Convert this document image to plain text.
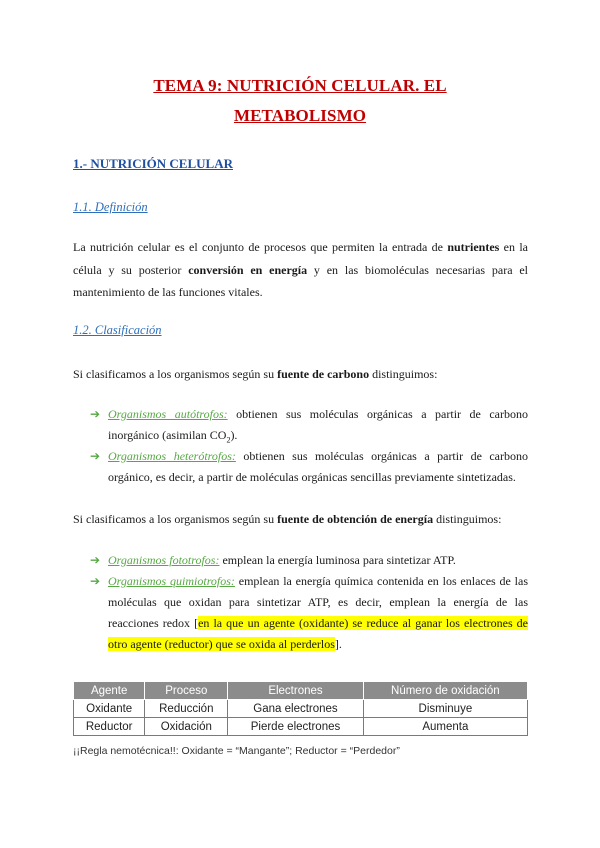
TEMA 9: NUTRICIÓN CELULAR. EL
METABOLISMO
1.- NUTRICIÓN CELULAR
1.1. Definición
La nutrición celular es el conjunto de procesos que permiten la entrada de nutrientes en la célula y su posterior conversión en energía y en las biomoléculas necesarias para el mantenimiento de las funciones vitales.
1.2. Clasificación
Si clasificamos a los organismos según su fuente de carbono distinguimos:
➔ Organismos autótrofos: obtienen sus moléculas orgánicas a partir de carbono inorgánico (asimilan $CO_2$).
➔ Organismos heterótrofos: obtienen sus moléculas orgánicas a partir de carbono orgánico, es decir, a partir de moléculas orgánicas sencillas previamente sintetizadas.
Si clasificamos a los organismos según su fuente de obtención de energía distinguimos:
➔ Organismos fototrofos: emplean la energía luminosa para sintetizar ATP.
➔ Organismos quimiotrofos: emplean la energía química contenida en los enlaces de las moléculas que oxidan para sintetizar ATP, es decir, emplean la energía de las reacciones redox [en la que un agente (oxidante) se reduce al ganar los electrones de otro agente (reductor) que se oxida al perderlos].
Agente	Proceso	Electrones	Número de oxidación
Oxidante	Reducción	Gana electrones	Disminuye
Reductor	Oxidación	Pierde electrones	Aumenta
¡¡Regla nemotécnica!!: Oxidante = “Mangante”; Reductor = “Perdedor”
